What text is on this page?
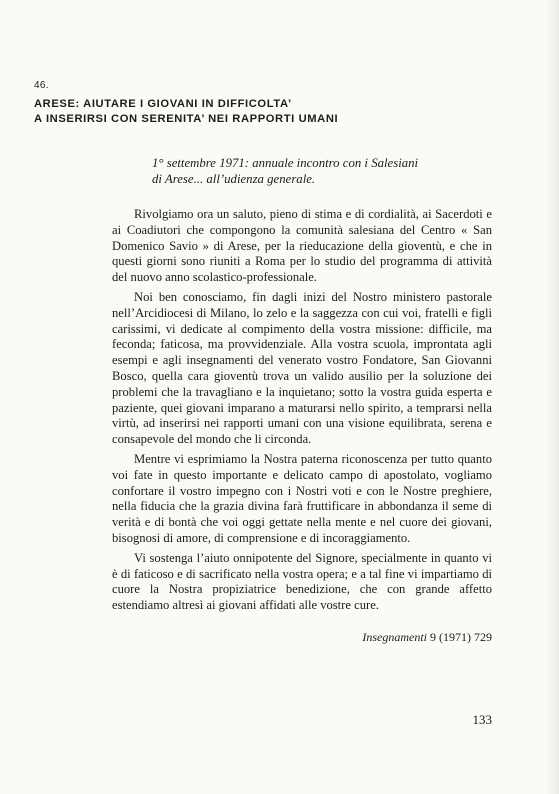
46.
ARESE: AIUTARE I GIOVANI IN DIFFICOLTA’
A INSERIRSI CON SERENITA’ NEI RAPPORTI UMANI
1° settembre 1971: annuale incontro con i Salesiani
di Arese... all’udienza generale.

Rivolgiamo ora un saluto, pieno di stima e di cordialità, ai Sacerdoti e ai Coadiutori che compongono la comunità salesiana del Centro « San Domenico Savio » di Arese, per la rieducazione della gioventù, e che in questi giorni sono riuniti a Roma per lo studio del programma di attività del nuovo anno scolastico-professionale.

Noi ben conosciamo, fin dagli inizi del Nostro ministero pastorale nell’Arcidiocesi di Milano, lo zelo e la saggezza con cui voi, fratelli e figli carissimi, vi dedicate al compimento della vostra missione: difficile, ma feconda; faticosa, ma provvidenziale. Alla vostra scuola, improntata agli esempi e agli insegnamenti del venerato vostro Fondatore, San Giovanni Bosco, quella cara gioventù trova un valido ausilio per la soluzione dei problemi che la travagliano e la inquietano; sotto la vostra guida esperta e paziente, quei giovani imparano a maturarsi nello spirito, a temprarsi nella virtù, ad inserirsi nei rapporti umani con una visione equilibrata, serena e consapevole del mondo che li circonda.

Mentre vi esprimiamo la Nostra paterna riconoscenza per tutto quanto voi fate in questo importante e delicato campo di apostolato, vogliamo confortare il vostro impegno con i Nostri voti e con le Nostre preghiere, nella fiducia che la grazia divina farà fruttificare in abbondanza il seme di verità e di bontà che voi oggi gettate nella mente e nel cuore dei giovani, bisognosi di amore, di comprensione e di incoraggiamento.

Vi sostenga l’aiuto onnipotente del Signore, specialmente in quanto vi è di faticoso e di sacrificato nella vostra opera; e a tal fine vi impartiamo di cuore la Nostra propiziatrice benedizione, che con grande affetto estendiamo altresì ai giovani affidati alle vostre cure.

Insegnamenti 9 (1971) 729
133
